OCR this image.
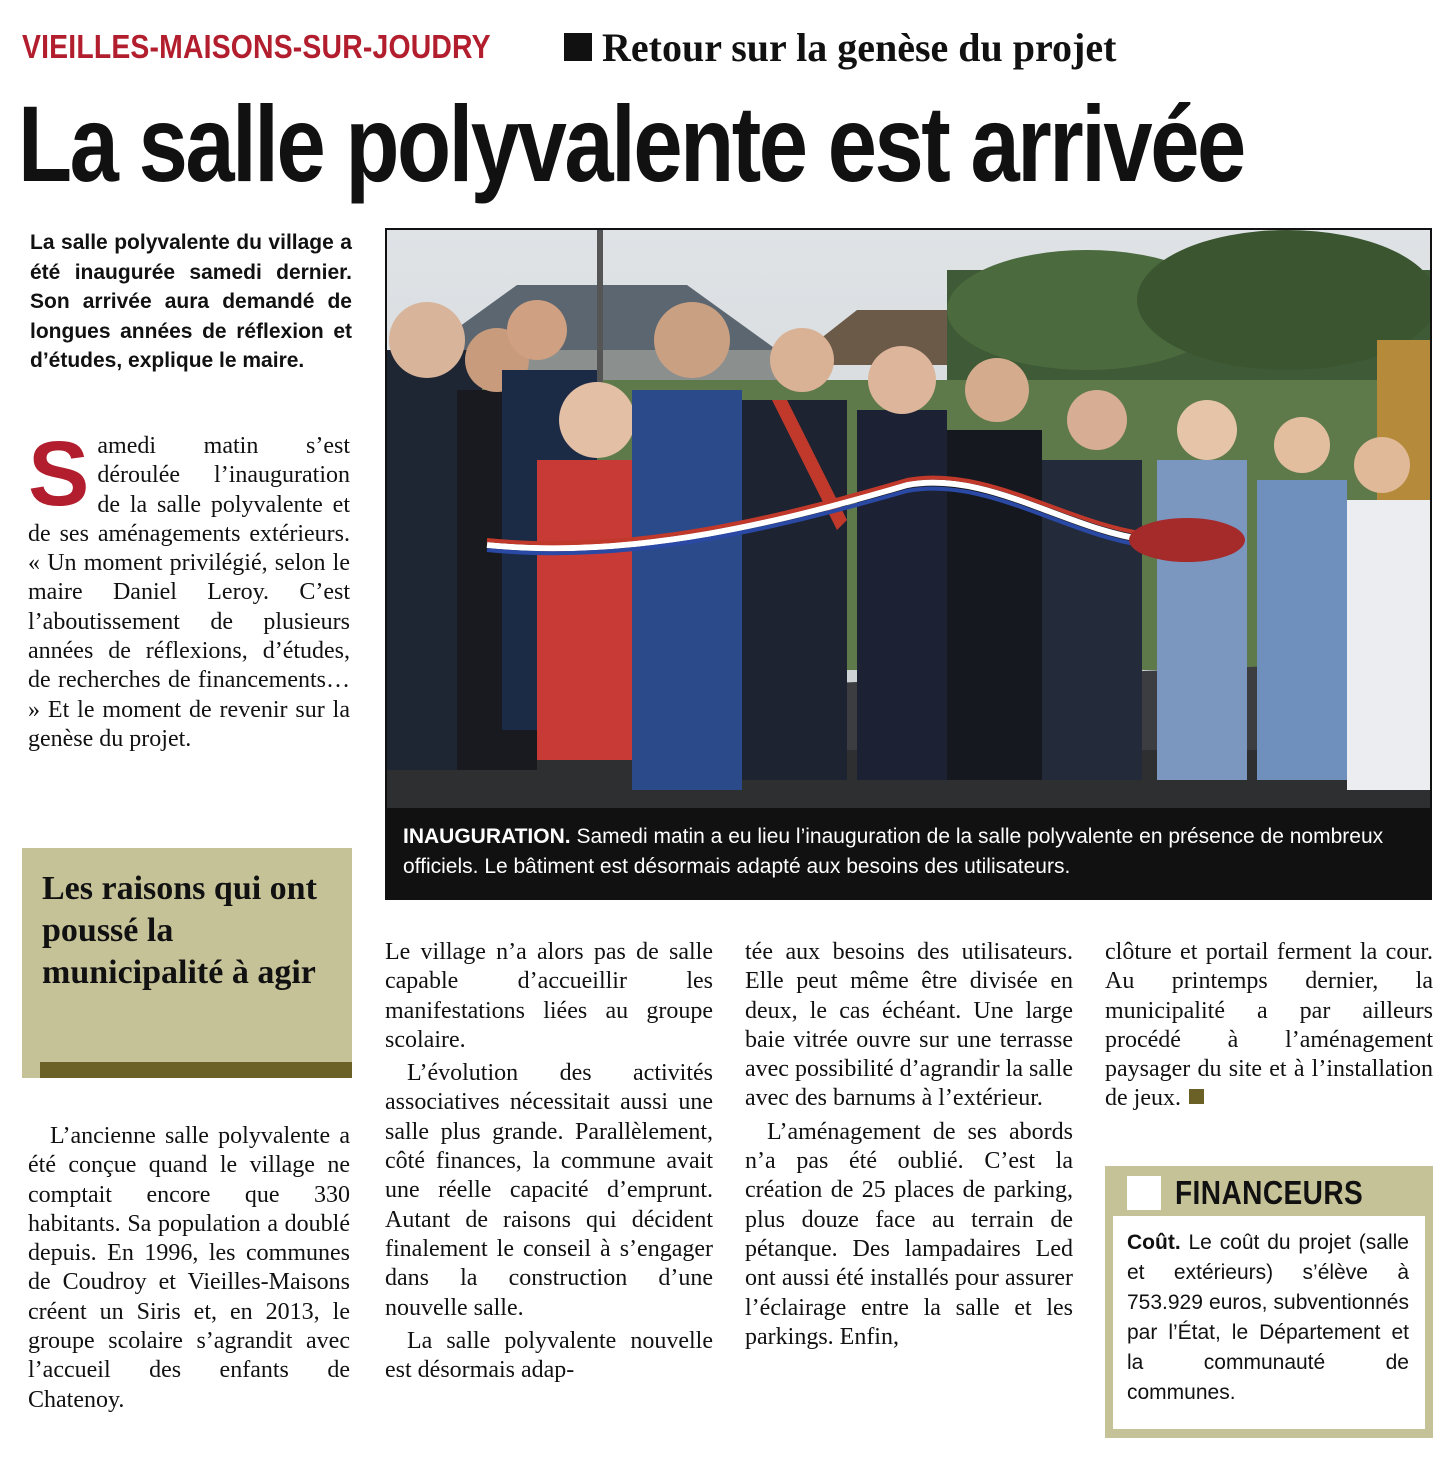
VIEILLES-MAISONS-SUR-JOUDRY	Retour sur la genèse du projet
La salle polyvalente est arrivée

La salle polyvalente du village a été inaugurée samedi dernier. Son arrivée aura demandé de longues années de réflexion et d’études, explique le maire.

Samedi matin s’est déroulée l’inauguration de la salle polyvalente et de ses aménagements extérieurs. « Un moment privilégié, selon le maire Daniel Leroy. C’est l’aboutissement de plusieurs années de réflexions, d’études, de recherches de financements… » Et le moment de revenir sur la genèse du projet.

Les raisons qui ont poussé la municipalité à agir

L’ancienne salle polyvalente a été conçue quand le village ne comptait encore que 330 habitants. Sa population a doublé depuis. En 1996, les communes de Coudroy et Vieilles-Maisons créent un Siris et, en 2013, le groupe scolaire s’agrandit avec l’accueil des enfants de Chatenoy.

INAUGURATION. Samedi matin a eu lieu l’inauguration de la salle polyvalente en présence de nombreux officiels. Le bâtiment est désormais adapté aux besoins des utilisateurs.

Le village n’a alors pas de salle capable d’accueillir les manifestations liées au groupe scolaire.

L’évolution des activités associatives nécessitait aussi une salle plus grande. Parallèlement, côté finances, la commune avait une réelle capacité d’emprunt. Autant de raisons qui décident finalement le conseil à s’engager dans la construction d’une nouvelle salle.

La salle polyvalente nouvelle est désormais adap-

tée aux besoins des utilisateurs. Elle peut même être divisée en deux, le cas échéant. Une large baie vitrée ouvre sur une terrasse avec possibilité d’agrandir la salle avec des barnums à l’extérieur.

L’aménagement de ses abords n’a pas été oublié. C’est la création de 25 places de parking, plus douze face au terrain de pétanque. Des lampadaires Led ont aussi été installés pour assurer l’éclairage entre la salle et les parkings. Enfin,

clôture et portail ferment la cour. Au printemps dernier, la municipalité a par ailleurs procédé à l’aménagement paysager du site et à l’installation de jeux.

FINANCEURS

Coût. Le coût du projet (salle et extérieurs) s’élève à 753.929 euros, subventionnés par l’État, le Département et la communauté de communes.
